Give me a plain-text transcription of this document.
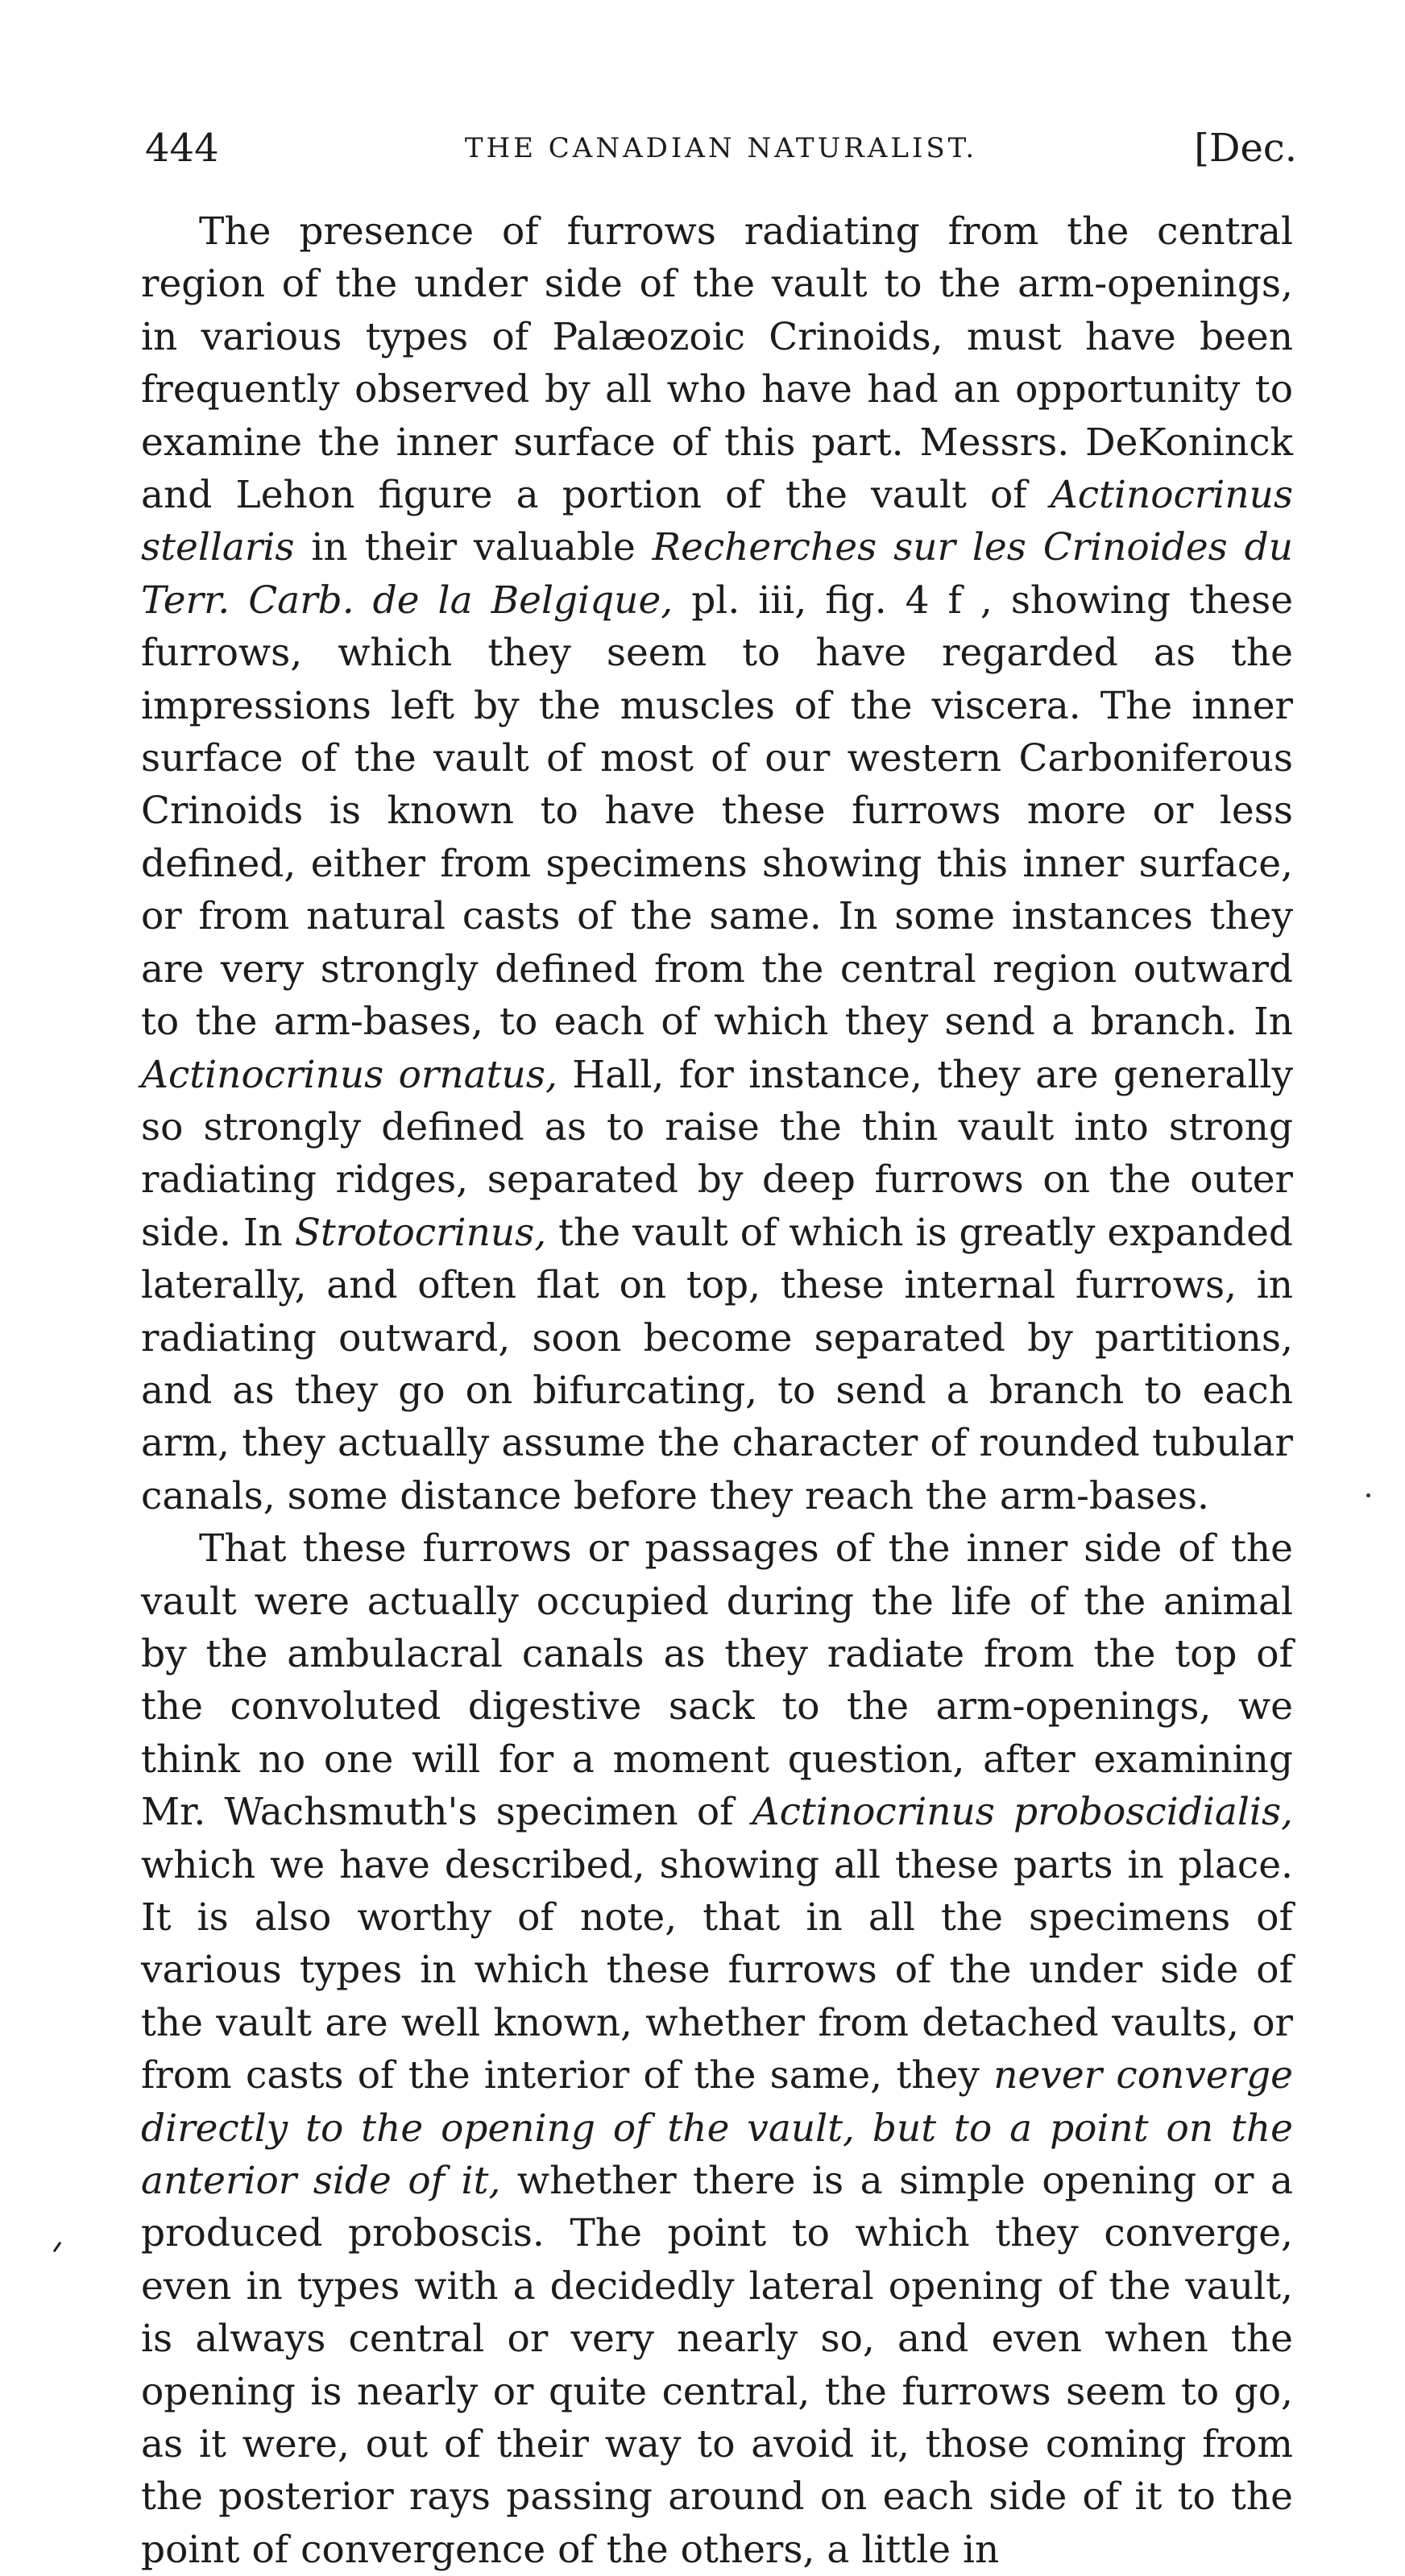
444	THE CANADIAN NATURALIST.	[Dec.

The presence of furrows radiating from the central region of the under side of the vault to the arm-openings, in various types of Palæozoic Crinoids, must have been frequently observed by all who have had an opportunity to examine the inner surface of this part. Messrs. DeKoninck and Lehon figure a portion of the vault of Actinocrinus stellaris in their valuable Recherches sur les Crinoides du Terr. Carb. de la Belgique, pl. iii, fig. 4 f , showing these furrows, which they seem to have regarded as the impressions left by the muscles of the viscera. The inner surface of the vault of most of our western Carboniferous Crinoids is known to have these furrows more or less defined, either from specimens showing this inner surface, or from natural casts of the same. In some instances they are very strongly defined from the central region outward to the arm-bases, to each of which they send a branch. In Actinocrinus ornatus, Hall, for instance, they are generally so strongly defined as to raise the thin vault into strong radiating ridges, separated by deep furrows on the outer side. In Strotocrinus, the vault of which is greatly expanded laterally, and often flat on top, these internal furrows, in radiating outward, soon become separated by partitions, and as they go on bifurcating, to send a branch to each arm, they actually assume the character of rounded tubular canals, some distance before they reach the arm-bases.

That these furrows or passages of the inner side of the vault were actually occupied during the life of the animal by the ambulacral canals as they radiate from the top of the convoluted digestive sack to the arm-openings, we think no one will for a moment question, after examining Mr. Wachsmuth's specimen of Actinocrinus proboscidialis, which we have described, showing all these parts in place. It is also worthy of note, that in all the specimens of various types in which these furrows of the under side of the vault are well known, whether from detached vaults, or from casts of the interior of the same, they never converge directly to the opening of the vault, but to a point on the anterior side of it, whether there is a simple opening or a produced proboscis. The point to which they converge, even in types with a decidedly lateral opening of the vault, is always central or very nearly so, and even when the opening is nearly or quite central, the furrows seem to go, as it were, out of their way to avoid it, those coming from the posterior rays passing around on each side of it to the point of convergence of the others, a little in
